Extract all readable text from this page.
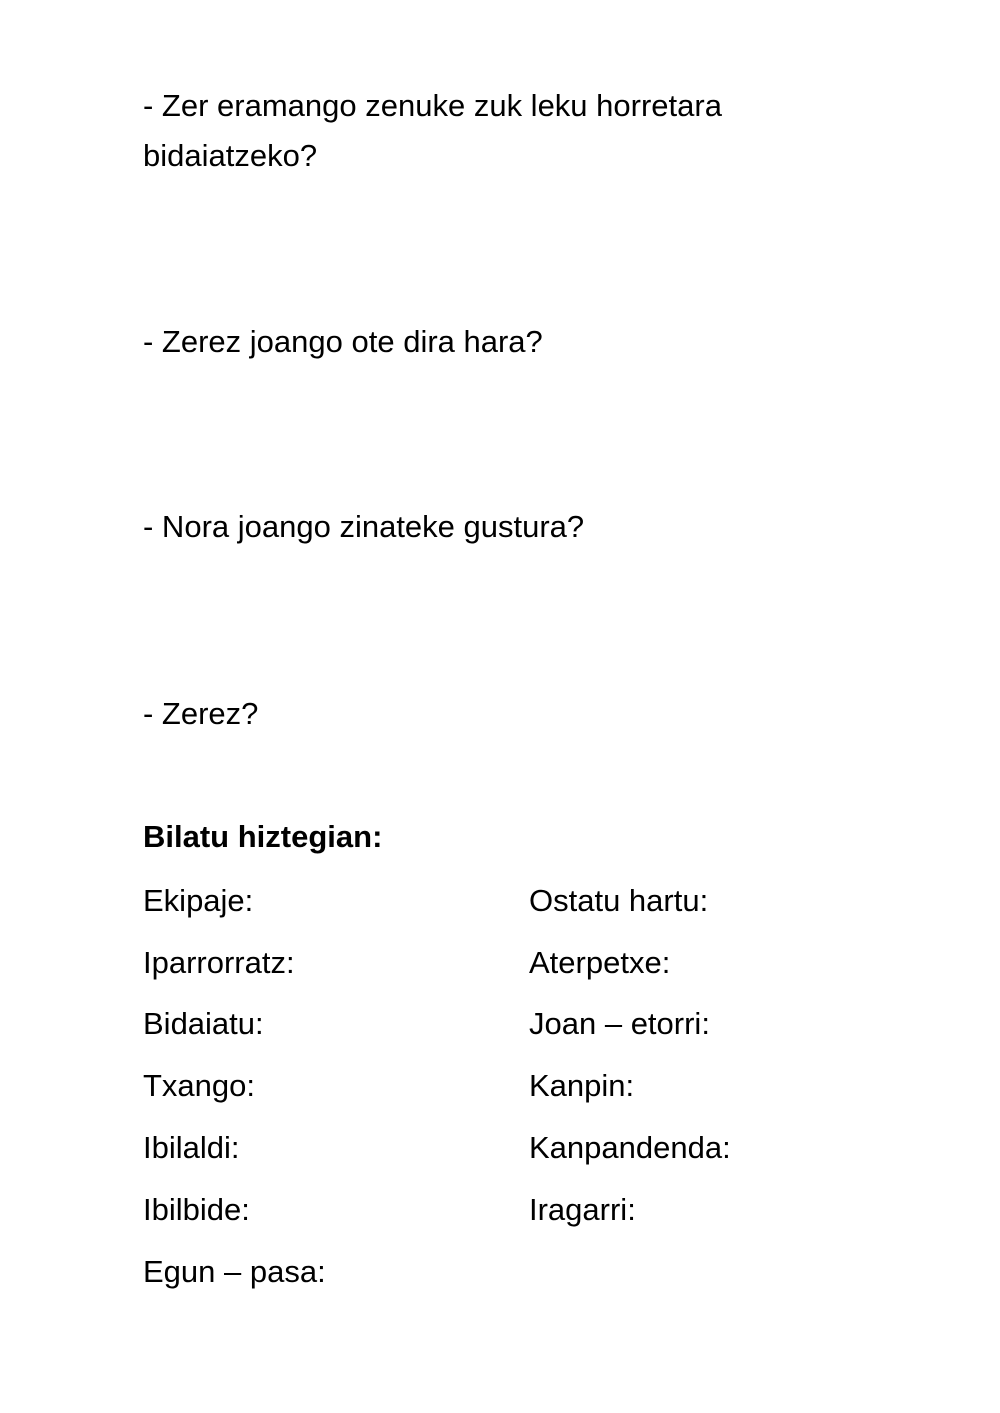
- Zer eramango zenuke zuk leku horretara bidaiatzeko?

- Zerez joango ote dira hara?

- Nora joango zinateke gustura?

- Zerez?

Bilatu hiztegian:

Ekipaje:	Ostatu hartu:
Iparrorratz:	Aterpetxe:
Bidaiatu:	Joan – etorri:
Txango:	Kanpin:
Ibilaldi:	Kanpandenda:
Ibilbide:	Iragarri:
Egun – pasa:
